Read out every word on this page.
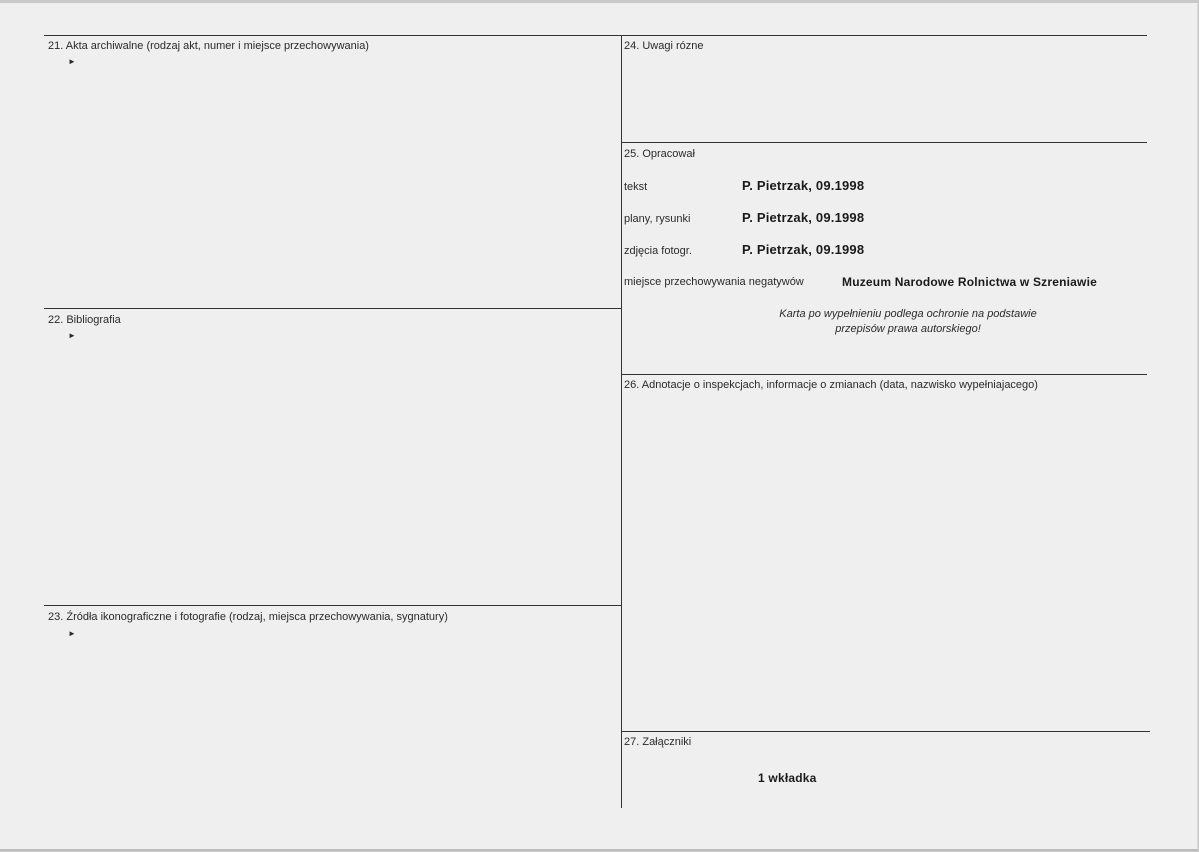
21. Akta archiwalne (rodzaj akt, numer i miejsce przechowywania)
►
22. Bibliografia
►
23. Źródła ikonograficzne i fotografie (rodzaj, miejsca przechowywania, sygnatury)
►
24. Uwagi rózne
25. Opracował
tekst	P. Pietrzak, 09.1998
plany, rysunki	P. Pietrzak, 09.1998
zdjęcia fotogr.	P. Pietrzak, 09.1998
miejsce przechowywania negatywów	Muzeum Narodowe Rolnictwa w Szreniawie
Karta po wypełnieniu podlega ochronie na podstawie
przepisów prawa autorskiego!
26. Adnotacje o inspekcjach, informacje o zmianach (data, nazwisko wypełniajacego)
27. Załączniki
1 wkładka
